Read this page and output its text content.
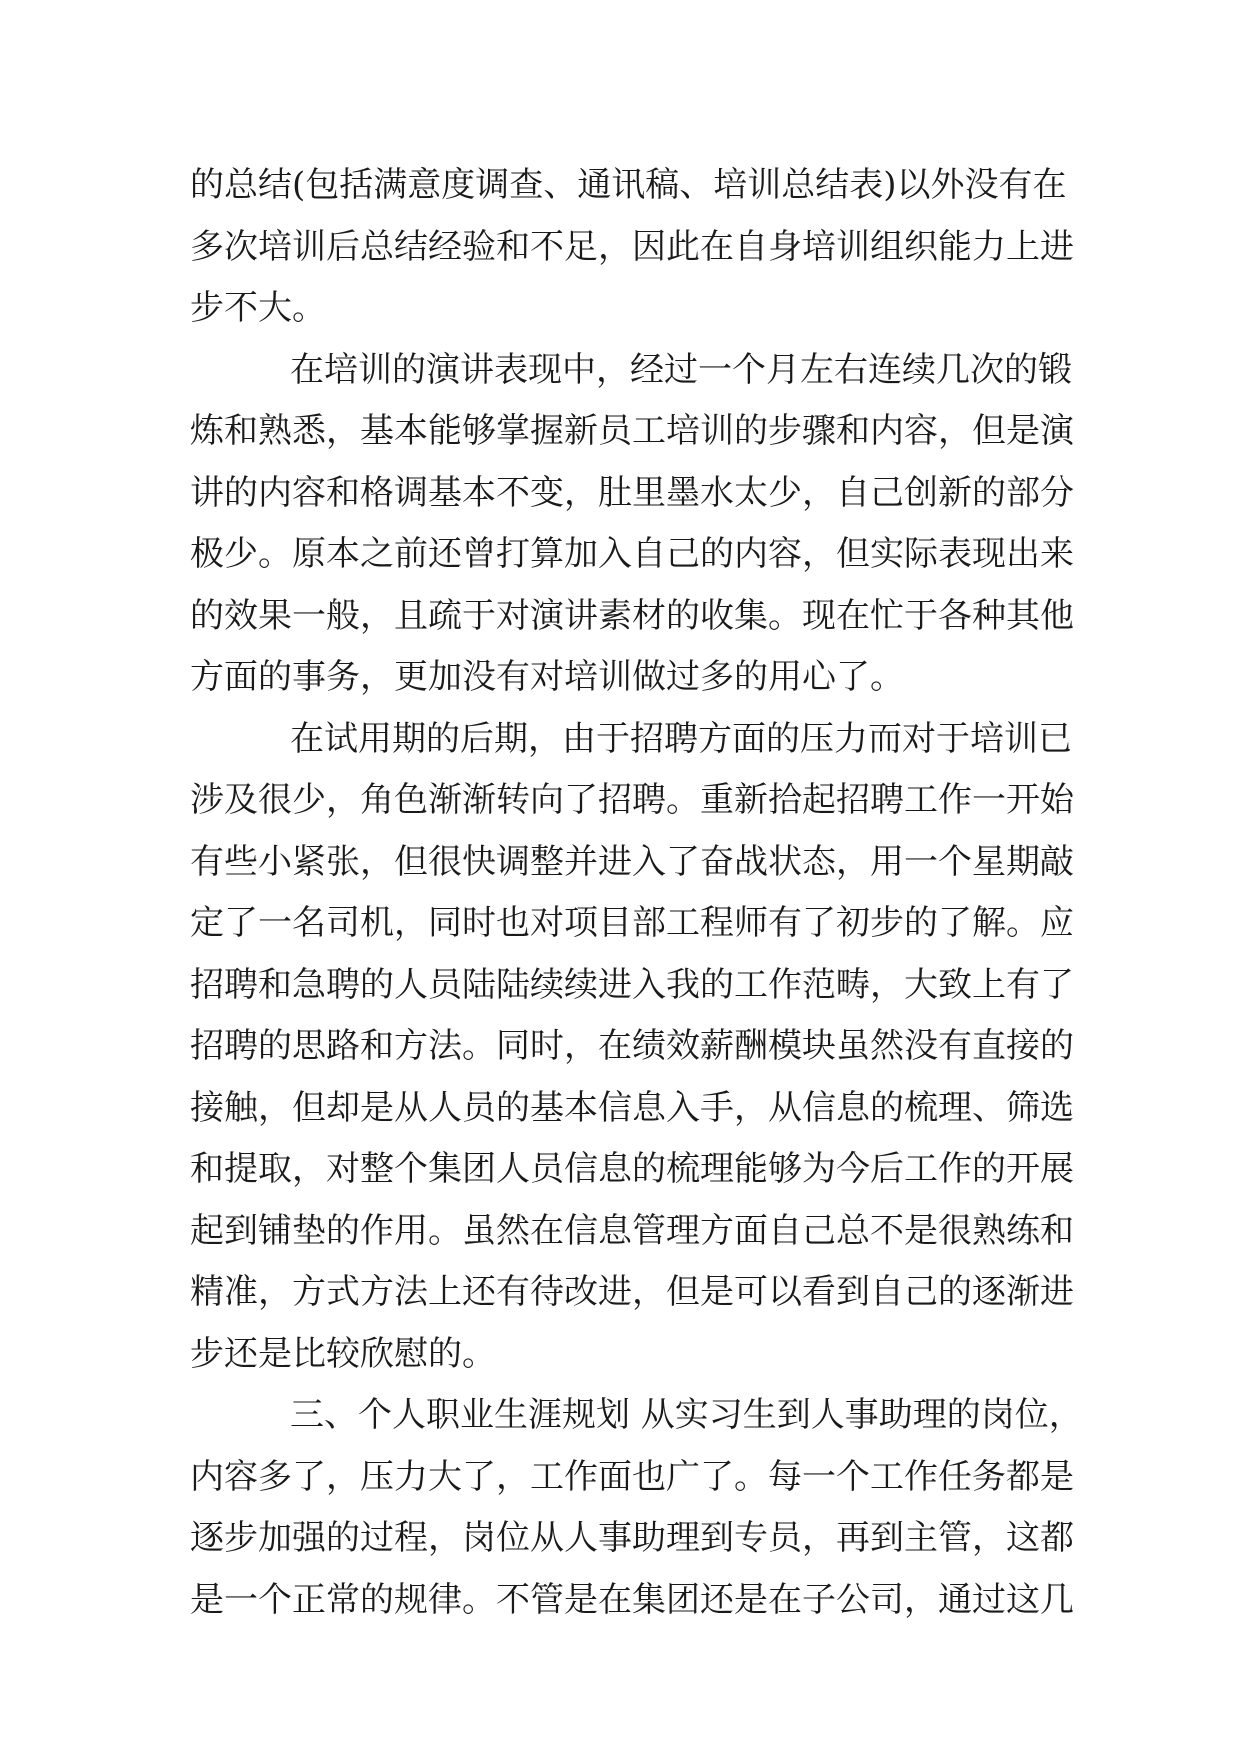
的总结(包括满意度调查、通讯稿、培训总结表)以外没有在
多次培训后总结经验和不足，因此在自身培训组织能力上进
步不大。
在培训的演讲表现中，经过一个月左右连续几次的锻
炼和熟悉，基本能够掌握新员工培训的步骤和内容，但是演
讲的内容和格调基本不变，肚里墨水太少，自己创新的部分
极少。原本之前还曾打算加入自己的内容，但实际表现出来
的效果一般，且疏于对演讲素材的收集。现在忙于各种其他
方面的事务，更加没有对培训做过多的用心了。
在试用期的后期，由于招聘方面的压力而对于培训已
涉及很少，角色渐渐转向了招聘。重新拾起招聘工作一开始
有些小紧张，但很快调整并进入了奋战状态，用一个星期敲
定了一名司机，同时也对项目部工程师有了初步的了解。应
招聘和急聘的人员陆陆续续进入我的工作范畴，大致上有了
招聘的思路和方法。同时，在绩效薪酬模块虽然没有直接的
接触，但却是从人员的基本信息入手，从信息的梳理、筛选
和提取，对整个集团人员信息的梳理能够为今后工作的开展
起到铺垫的作用。虽然在信息管理方面自己总不是很熟练和
精准，方式方法上还有待改进，但是可以看到自己的逐渐进
步还是比较欣慰的。
三、个人职业生涯规划 从实习生到人事助理的岗位，
内容多了，压力大了，工作面也广了。每一个工作任务都是
逐步加强的过程，岗位从人事助理到专员，再到主管，这都
是一个正常的规律。不管是在集团还是在子公司，通过这几
